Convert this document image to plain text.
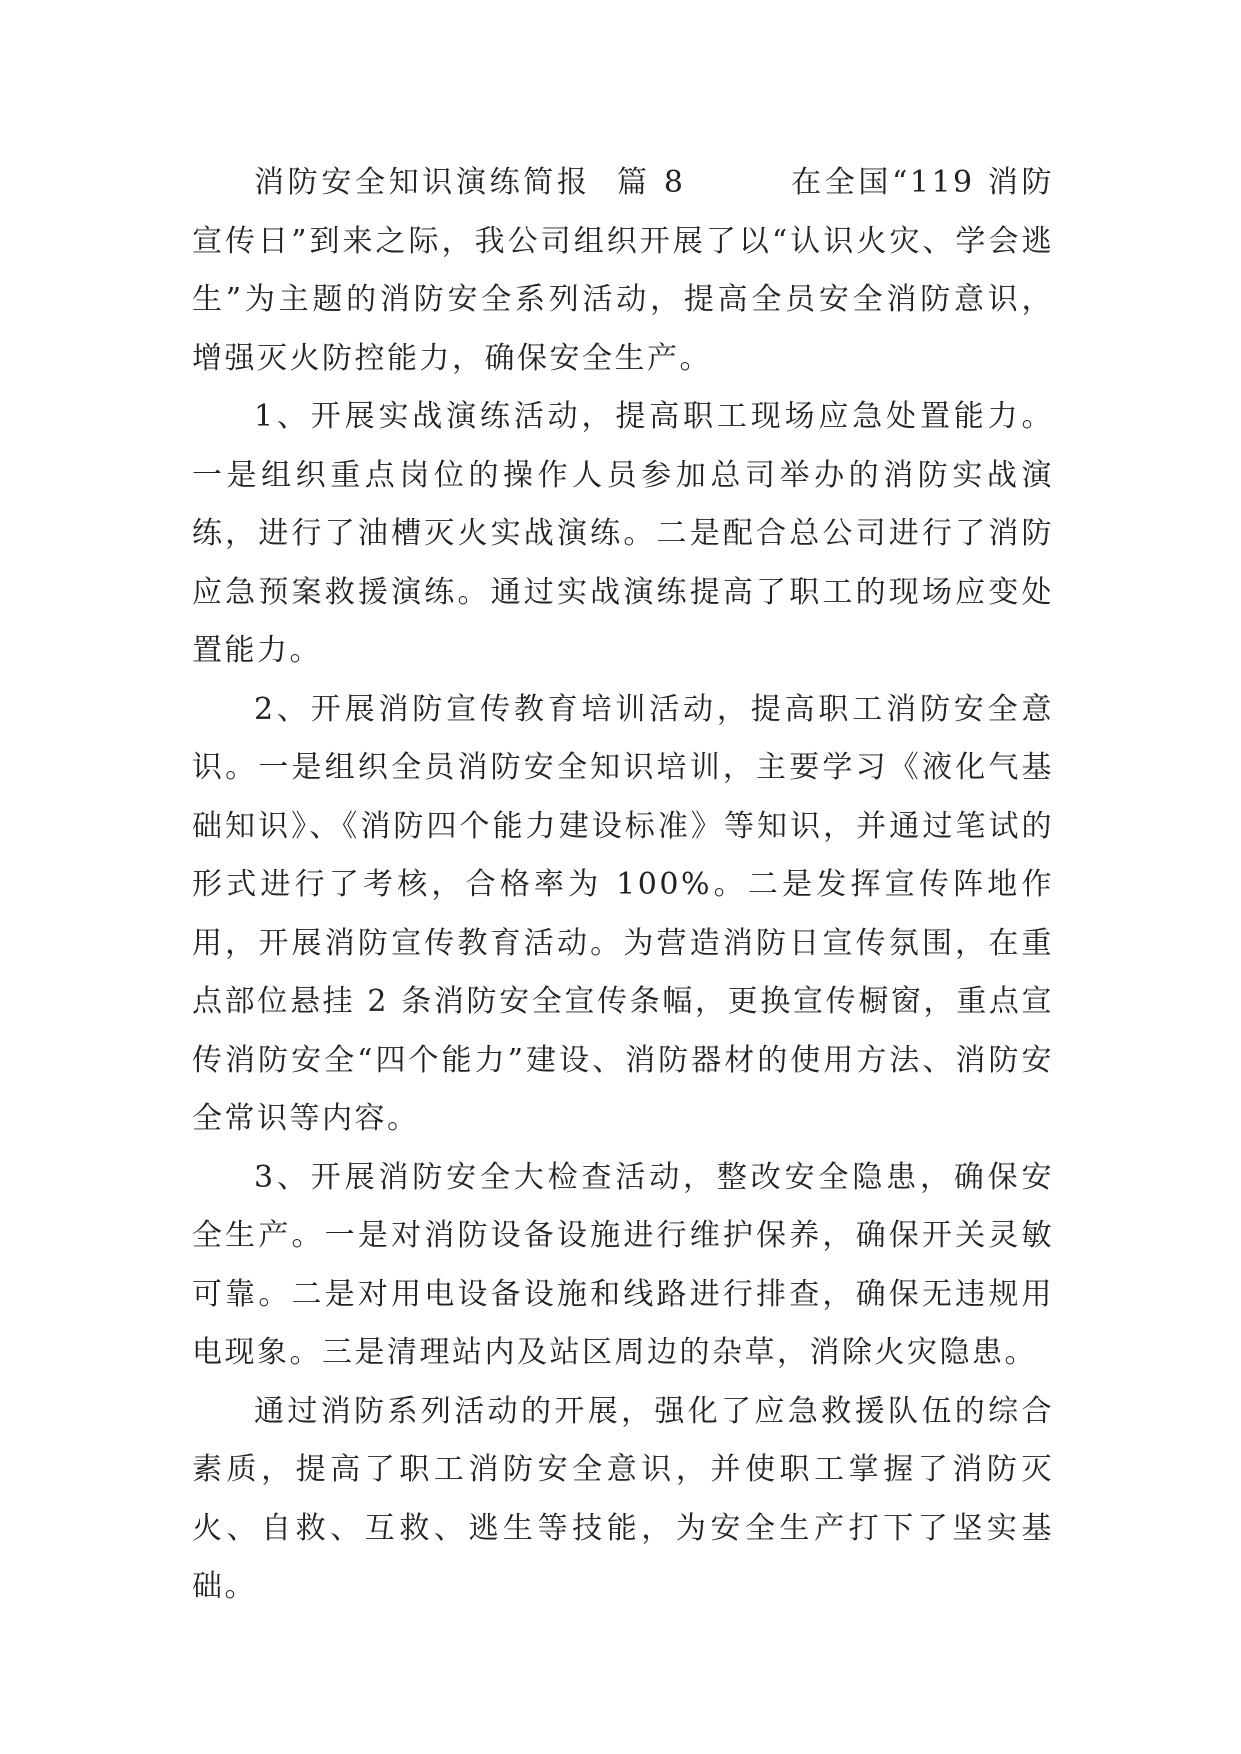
消防安全知识演练简报  篇 8	在全国“119 消防宣传日”到来之际，我公司组织开展了以“认识火灾、学会逃生”为主题的消防安全系列活动，提高全员安全消防意识，增强灭火防控能力，确保安全生产。

1、开展实战演练活动，提高职工现场应急处置能力。一是组织重点岗位的操作人员参加总司举办的消防实战演练，进行了油槽灭火实战演练。二是配合总公司进行了消防应急预案救援演练。通过实战演练提高了职工的现场应变处置能力。

2、开展消防宣传教育培训活动，提高职工消防安全意识。一是组织全员消防安全知识培训，主要学习《液化气基础知识》、《消防四个能力建设标准》等知识，并通过笔试的形式进行了考核，合格率为 100%。二是发挥宣传阵地作用，开展消防宣传教育活动。为营造消防日宣传氛围，在重点部位悬挂 2 条消防安全宣传条幅，更换宣传橱窗，重点宣传消防安全“四个能力”建设、消防器材的使用方法、消防安全常识等内容。

3、开展消防安全大检查活动，整改安全隐患，确保安全生产。一是对消防设备设施进行维护保养，确保开关灵敏可靠。二是对用电设备设施和线路进行排查，确保无违规用电现象。三是清理站内及站区周边的杂草，消除火灾隐患。

通过消防系列活动的开展，强化了应急救援队伍的综合素质，提高了职工消防安全意识，并使职工掌握了消防灭火、自救、互救、逃生等技能，为安全生产打下了坚实基础。
